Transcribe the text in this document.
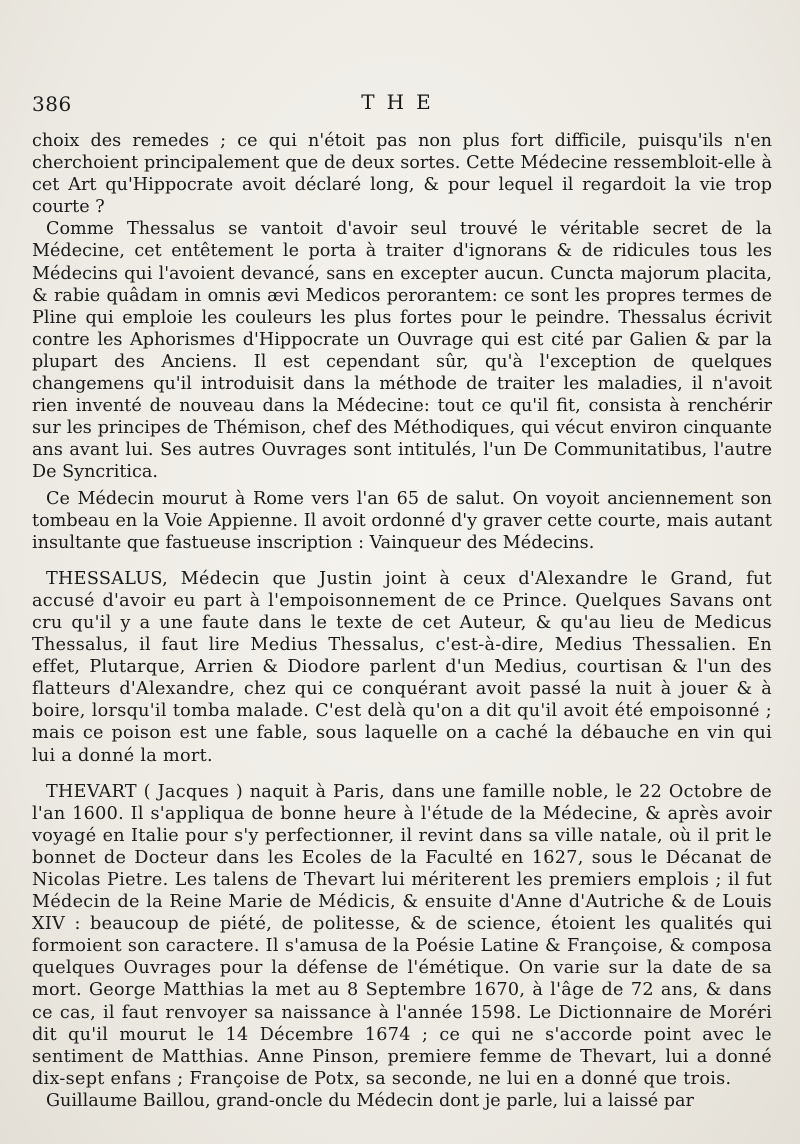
386	THE

choix des remedes ; ce qui n'étoit pas non plus fort difficile, puisqu'ils n'en cherchoient principalement que de deux sortes. Cette Médecine ressembloit-elle à cet Art qu'Hippocrate avoit déclaré long, & pour lequel il regardoit la vie trop courte ?

Comme Thessalus se vantoit d'avoir seul trouvé le véritable secret de la Médecine, cet entêtement le porta à traiter d'ignorans & de ridicules tous les Médecins qui l'avoient devancé, sans en excepter aucun. Cuncta majorum placita, & rabie quâdam in omnis ævi Medicos perorantem: ce sont les propres termes de Pline qui emploie les couleurs les plus fortes pour le peindre. Thessalus écrivit contre les Aphorismes d'Hippocrate un Ouvrage qui est cité par Galien & par la plupart des Anciens. Il est cependant sûr, qu'à l'exception de quelques changemens qu'il introduisit dans la méthode de traiter les maladies, il n'avoit rien inventé de nouveau dans la Médecine: tout ce qu'il fit, consista à renchérir sur les principes de Thémison, chef des Méthodiques, qui vécut environ cinquante ans avant lui. Ses autres Ouvrages sont intitulés, l'un De Communitatibus, l'autre De Syncritica.

Ce Médecin mourut à Rome vers l'an 65 de salut. On voyoit anciennement son tombeau en la Voie Appienne. Il avoit ordonné d'y graver cette courte, mais autant insultante que fastueuse inscription : Vainqueur des Médecins.

THESSALUS, Médecin que Justin joint à ceux d'Alexandre le Grand, fut accusé d'avoir eu part à l'empoisonnement de ce Prince. Quelques Savans ont cru qu'il y a une faute dans le texte de cet Auteur, & qu'au lieu de Medicus Thessalus, il faut lire Medius Thessalus, c'est-à-dire, Medius Thessalien. En effet, Plutarque, Arrien & Diodore parlent d'un Medius, courtisan & l'un des flatteurs d'Alexandre, chez qui ce conquérant avoit passé la nuit à jouer & à boire, lorsqu'il tomba malade. C'est delà qu'on a dit qu'il avoit été empoisonné ; mais ce poison est une fable, sous laquelle on a caché la débauche en vin qui lui a donné la mort.

THEVART ( Jacques ) naquit à Paris, dans une famille noble, le 22 Octobre de l'an 1600. Il s'appliqua de bonne heure à l'étude de la Médecine, & après avoir voyagé en Italie pour s'y perfectionner, il revint dans sa ville natale, où il prit le bonnet de Docteur dans les Ecoles de la Faculté en 1627, sous le Décanat de Nicolas Pietre. Les talens de Thevart lui mériterent les premiers emplois ; il fut Médecin de la Reine Marie de Médicis, & ensuite d'Anne d'Autriche & de Louis XIV : beaucoup de piété, de politesse, & de science, étoient les qualités qui formoient son caractere. Il s'amusa de la Poésie Latine & Françoise, & composa quelques Ouvrages pour la défense de l'émétique. On varie sur la date de sa mort. George Matthias la met au 8 Septembre 1670, à l'âge de 72 ans, & dans ce cas, il faut renvoyer sa naissance à l'année 1598. Le Dictionnaire de Moréri dit qu'il mourut le 14 Décembre 1674 ; ce qui ne s'accorde point avec le sentiment de Matthias. Anne Pinson, premiere femme de Thevart, lui a donné dix-sept enfans ; Françoise de Potx, sa seconde, ne lui en a donné que trois.

Guillaume Baillou, grand-oncle du Médecin dont je parle, lui a laissé par
